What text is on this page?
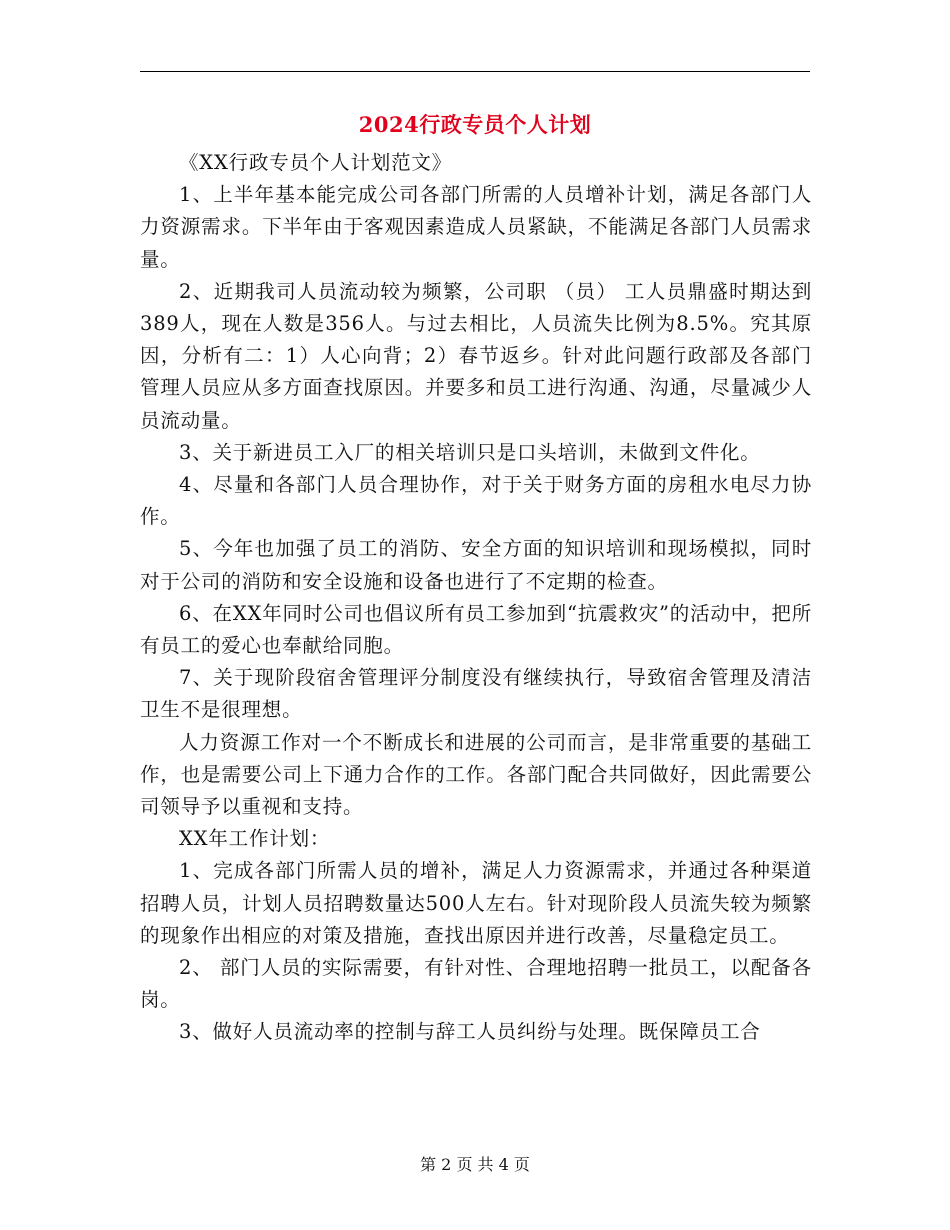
2024行政专员个人计划

《XX行政专员个人计划范文》

1、上半年基本能完成公司各部门所需的人员增补计划，满足各部门人力资源需求。下半年由于客观因素造成人员紧缺，不能满足各部门人员需求量。

2、近期我司人员流动较为频繁，公司职 （员） 工人员鼎盛时期达到389人，现在人数是356人。与过去相比，人员流失比例为8.5%。究其原因，分析有二：1）人心向背；2）春节返乡。针对此问题行政部及各部门管理人员应从多方面查找原因。并要多和员工进行沟通、沟通，尽量减少人员流动量。

3、关于新进员工入厂的相关培训只是口头培训，未做到文件化。

4、尽量和各部门人员合理协作，对于关于财务方面的房租水电尽力协作。

5、今年也加强了员工的消防、安全方面的知识培训和现场模拟，同时对于公司的消防和安全设施和设备也进行了不定期的检查。

6、在XX年同时公司也倡议所有员工参加到“抗震救灾”的活动中，把所有员工的爱心也奉献给同胞。

7、关于现阶段宿舍管理评分制度没有继续执行，导致宿舍管理及清洁卫生不是很理想。

人力资源工作对一个不断成长和进展的公司而言，是非常重要的基础工作，也是需要公司上下通力合作的工作。各部门配合共同做好，因此需要公司领导予以重视和支持。

XX年工作计划：

1、完成各部门所需人员的增补，满足人力资源需求，并通过各种渠道招聘人员，计划人员招聘数量达500人左右。针对现阶段人员流失较为频繁的现象作出相应的对策及措施，查找出原因并进行改善，尽量稳定员工。

2、 部门人员的实际需要，有针对性、合理地招聘一批员工，以配备各岗。

3、做好人员流动率的控制与辞工人员纠纷与处理。既保障员工合

第 2 页 共 4 页
